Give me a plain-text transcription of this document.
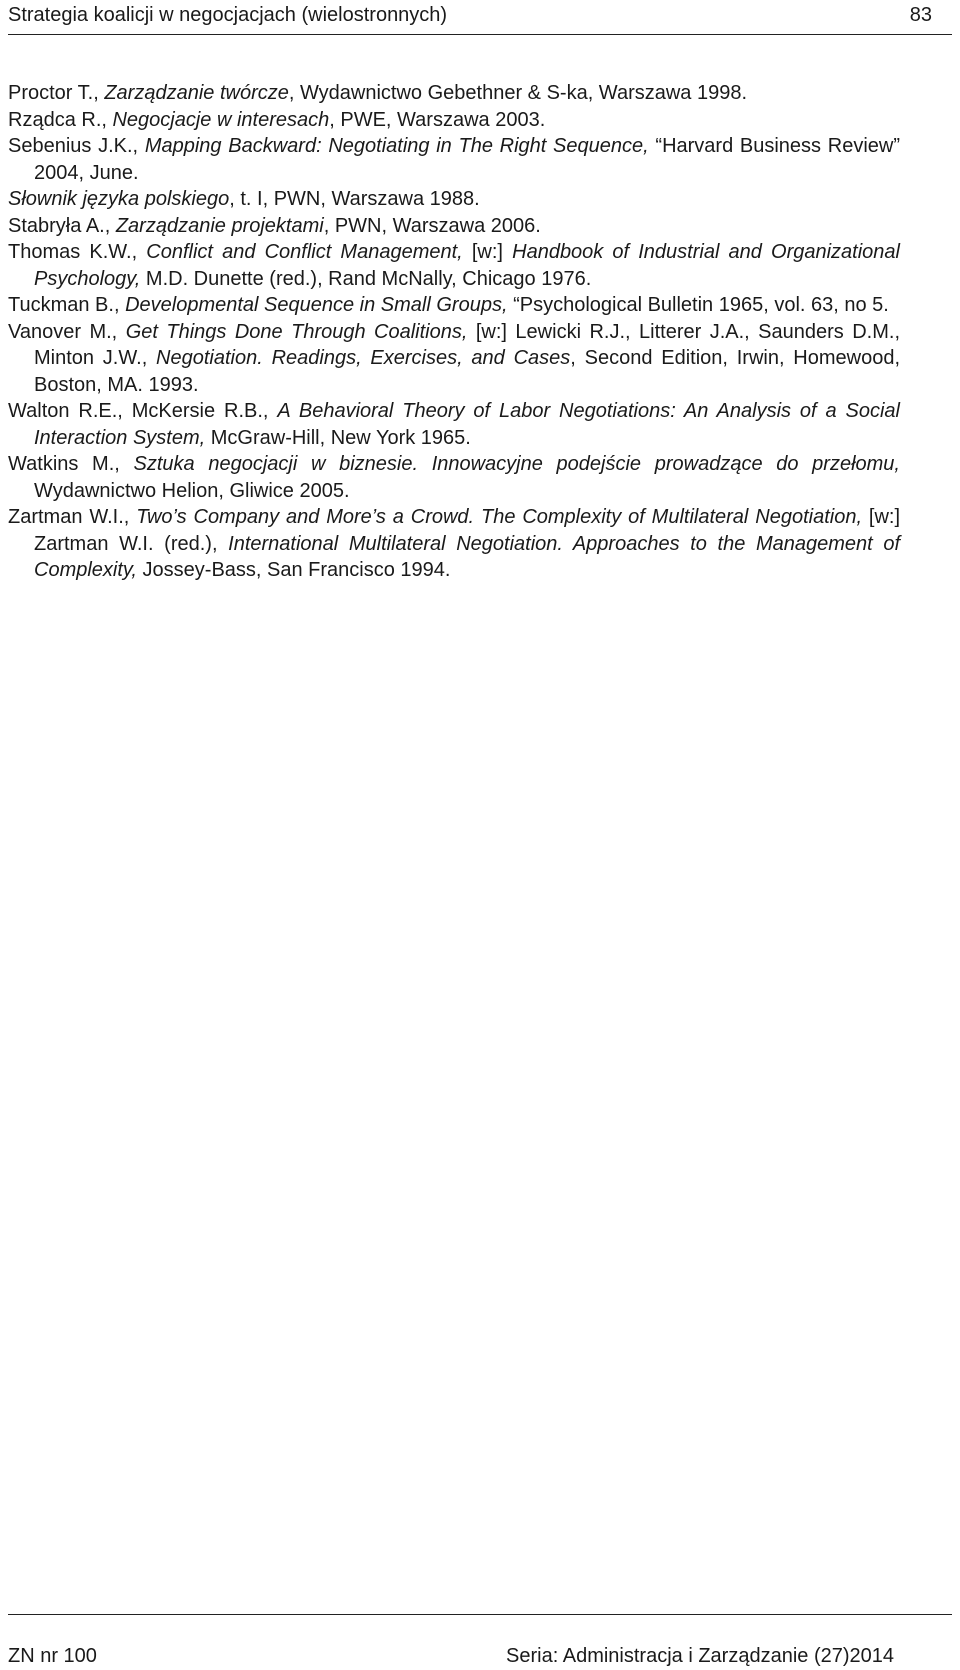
Strategia koalicji w negocjacjach (wielostronnych)	83

Proctor T., Zarządzanie twórcze, Wydawnictwo Gebethner & S-ka, Warszawa 1998.

Rządca R., Negocjacje w interesach, PWE, Warszawa 2003.

Sebenius J.K., Mapping Backward: Negotiating in The Right Sequence, “Harvard Business Review” 2004, June.

Słownik języka polskiego, t. I, PWN, Warszawa 1988.

Stabryła A., Zarządzanie projektami, PWN, Warszawa 2006.

Thomas K.W., Conflict and Conflict Management, [w:] Handbook of Industrial and Organizational Psychology, M.D. Dunette (red.), Rand McNally, Chicago 1976.

Tuckman B., Developmental Sequence in Small Groups, “Psychological Bulletin 1965, vol. 63, no 5.

Vanover M., Get Things Done Through Coalitions, [w:] Lewicki R.J., Litterer J.A., Saunders D.M., Minton J.W., Negotiation. Readings, Exercises, and Cases, Second Edition, Irwin, Homewood, Boston, MA. 1993.

Walton R.E., McKersie R.B., A Behavioral Theory of Labor Negotiations: An Analysis of a Social Interaction System, McGraw-Hill, New York 1965.

Watkins M., Sztuka negocjacji w biznesie. Innowacyjne podejście prowadzące do przełomu, Wydawnictwo Helion, Gliwice 2005.

Zartman W.I., Two’s Company and More’s a Crowd. The Complexity of Multilateral Negotiation, [w:] Zartman W.I. (red.), International Multilateral Negotiation. Approaches to the Management of Complexity, Jossey-Bass, San Francisco 1994.

ZN nr 100	Seria: Administracja i Zarządzanie (27)2014
